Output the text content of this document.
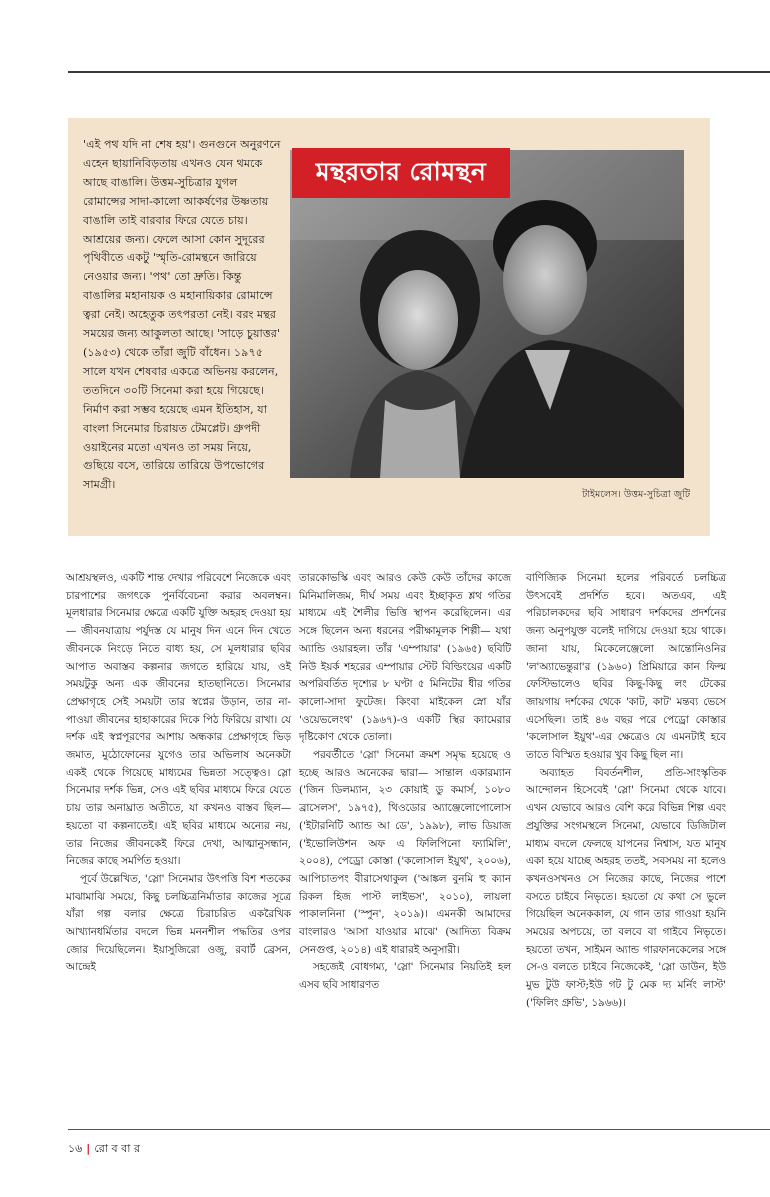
'এই পথ যদি না শেষ হয়'। গুনগুনে অনুরণনে এহেন ছায়ানিবিড়তায় এখনও যেন থমকে আছে বাঙালি। উত্তম-সুচিত্রার যুগল রোমান্সের সাদা-কালো আকর্ষণের উষ্ণতায় বাঙালি তাই বারবার ফিরে যেতে চায়। আশ্রয়ের জন্য। ফেলে আসা কোন সুদূরের পৃথিবীতে একটু 'স্মৃতি-রোমন্থনে জারিয়ে নেওয়ার জন্য। 'পথ' তো দ্রুতি। কিন্তু বাঙালির মহানায়ক ও মহানায়িকার রোমান্সে ত্বরা নেই। অহেতুক তৎপরতা নেই। বরং মন্থর সময়ের জন্য আকুলতা আছে। 'সাড়ে চুয়াত্তর' (১৯৫৩) থেকে তাঁরা জুটি বাঁধেন। ১৯৭৫ সালে যখন শেষবার একত্রে অভিনয় করলেন, ততদিনে ৩০টি সিনেমা করা হয়ে গিয়েছে। নির্মাণ করা সম্ভব হয়েছে এমন ইতিহাস, যা বাংলা সিনেমার চিরায়ত টেমপ্লেট। গ্রুপদী ওয়াইনের মতো এখনও তা সময় নিয়ে, গুছিয়ে বসে, তারিয়ে তারিয়ে উপভোগের সামগ্রী।

মন্থরতার রোমন্থন
টাইমলেস। উত্তম-সুচিত্রা জুটি

আশ্রয়স্থলও, একটি শান্ত দেখার পরিবেশে নিজেকে এবং চারপাশের জগৎকে পুনর্বিবেচনা করার অবলম্বন। মূলধারার সিনেমার ক্ষেত্রে একটি যুক্তি অহরহ দেওয়া হয়— জীবনযাত্রায় পর্যুদস্ত যে মানুষ দিন এনে দিন খেতে জীবনকে নিংড়ে নিতে বাধ্য হয়, সে মূলধারার ছবির আপাত অবাস্তব কল্পনার জগতে হারিয়ে যায়, ওই সময়টুকু অন্য এক জীবনের হাতছানিতে। সিনেমার প্রেক্ষাগৃহে সেই সময়টা তার স্বপ্নের উড়ান, তার না-পাওয়া জীবনের হাহাকারের দিকে পিঠ ফিরিয়ে রাখা। যে দর্শক এই স্বপ্নপূরণের আশায় অন্ধকার প্রেক্ষাগৃহে ভিড় জমাত, মুঠোফোনের যুগেও তার অভিলাষ অনেকটা একই থেকে গিয়েছে মাধ্যমের ভিন্নতা সত্ত্বেও। স্লো সিনেমার দর্শক ভিন্ন, সেও এই ছবির মাধ্যমে ফিরে যেতে চায় তার অনাঘ্রাত অতীতে, যা কখনও বাস্তব ছিল— হয়তো বা কল্পনাতেই। এই ছবির মাধ্যমে অন্যের নয়, তার নিজের জীবনকেই ফিরে দেখা, আত্মানুসন্ধান, নিজের কাছে সমর্পিত হওয়া।

পূর্বে উল্লেখিত, 'স্লো' সিনেমার উৎপত্তি বিশ শতকের মাঝামাঝি সময়ে, কিছু চলচ্চিত্রনির্মাতার কাজের সূত্রে যাঁরা গল্প বলার ক্ষেত্রে চিরাচরিত একরৈখিক আখ্যানধর্মিতার বদলে ভিন্ন মননশীল পদ্ধতির ওপর জোর দিয়েছিলেন। ইয়াসুজিরো ওজু, রবার্ট ব্রেসন, আন্দ্রেই

তারকোভস্কি এবং আরও কেউ কেউ তাঁদের কাজে মিনিমালিজম, দীর্ঘ সময় এবং ইচ্ছাকৃত শ্লথ গতির মাধ্যমে এই শৈলীর ভিত্তি স্থাপন করেছিলেন। এর সঙ্গে ছিলেন অন্য ধরনের পরীক্ষামূলক শিল্পী— যথা অ্যান্ডি ওয়ারহল। তাঁর 'এম্পায়ার' (১৯৬৫) ছবিটি নিউ ইয়র্ক শহরের এম্পায়ার স্টেট বিল্ডিংয়ের একটি অপরিবর্তিত দৃশ্যের ৮ ঘণ্টা ৫ মিনিটের ধীর গতির কালো-সাদা ফুটেজ। কিংবা মাইকেল স্নো যাঁর 'ওয়েভলেংথ' (১৯৬৭)-ও একটি স্থির ক্যামেরার দৃষ্টিকোণ থেকে তোলা।

পরবর্তীতে 'স্লো' সিনেমা ক্রমশ সমৃদ্ধ হয়েছে ও হচ্ছে আরও অনেকের দ্বারা— সান্তাল একারম্যান ('জিন ডিলম্যান, ২৩ কোয়াই ডু কমার্স, ১০৮০ ব্রাসেলস', ১৯৭৫), থিওডোর অ্যাঞ্জেলোপোলোস ('ইটারনিটি অ্যান্ড আ ডে', ১৯৯৮), লাভ ডিয়াজ ('ইভোলিউশন অফ এ ফিলিপিনো ফ্যামিলি', ২০০৪), পেড্রো কোস্তা ('কলোসাল ইয়ুথ', ২০০৬), আপিচাতপং বীরাসেথাকুল ('আঙ্কল বুনমি হু ক্যান রিকল হিজ পাস্ট লাইভস', ২০১০), লায়লা পাকালনিনা ('স্পুন', ২০১৯)। এমনকী আমাদের বাংলারও 'আসা যাওয়ার মাঝে' (আদিত্য বিক্রম সেনগুপ্ত, ২০১৪) এই ধারারই অনুসারী।

সহজেই বোধগম্য, 'স্লো' সিনেমার নিয়তিই হল এসব ছবি সাধারণত

বাণিজ্যিক সিনেমা হলের পরিবর্তে চলচ্চিত্র উৎসবেই প্রদর্শিত হবে। অতএব, এই পরিচালকদের ছবি সাধারণ দর্শকদের প্রদর্শনের জন্য অনুপযুক্ত বলেই দাগিয়ে দেওয়া হয়ে থাকে। জানা যায়, মিকেলেঞ্জেলো আন্তোনিওনির 'ল'অ্যাভেন্তুরা'র (১৯৬০) প্রিমিয়ারে কান ফিল্ম ফেস্টিভালেও ছবির কিছু-কিছু লং টেকের জায়গায় দর্শকের থেকে 'কাট, কাট' মন্তব্য ভেসে এসেছিল। তাই ৪৬ বছর পরে পেড্রো কোস্তার 'কলোসাল ইয়ুথ'-এর ক্ষেত্রেও যে এমনটাই হবে তাতে বিস্মিত হওয়ার খুব কিছু ছিল না।

অব্যাহত বিবর্তনশীল, প্রতি-সাংস্কৃতিক আন্দোলন হিসেবেই 'স্লো' সিনেমা থেকে যাবে। এখন যেভাবে আরও বেশি করে বিভিন্ন শিল্প এবং প্রযুক্তির সংগমস্থলে সিনেমা, যেভাবে ডিজিটাল মাধ্যম বদলে ফেলছে যাপনের নিশ্বাস, যত মানুষ একা হয়ে যাচ্ছে অহরহ ততই, সবসময় না হলেও কখনওসখনও সে নিজের কাছে, নিজের পাশে বসতে চাইবে নিভৃতে। হয়তো যে কথা সে ভুলে গিয়েছিল অনেককাল, যে গান তার গাওয়া হয়নি সময়ের অপচয়ে, তা বলবে বা গাইবে নিভৃতে। হয়তো তখন, সাইমন অ্যান্ড গারফানকেলের সঙ্গে সে-ও বলতে চাইবে নিজেকেই, 'স্লো ডাউন, ইউ মুভ টুউ ফাস্ট;ইউ গট টু মেক দ্য মর্নিং লাস্ট' ('ফিলিং গ্রুভি', ১৯৬৬)।

১৬ | রো ব বা র
